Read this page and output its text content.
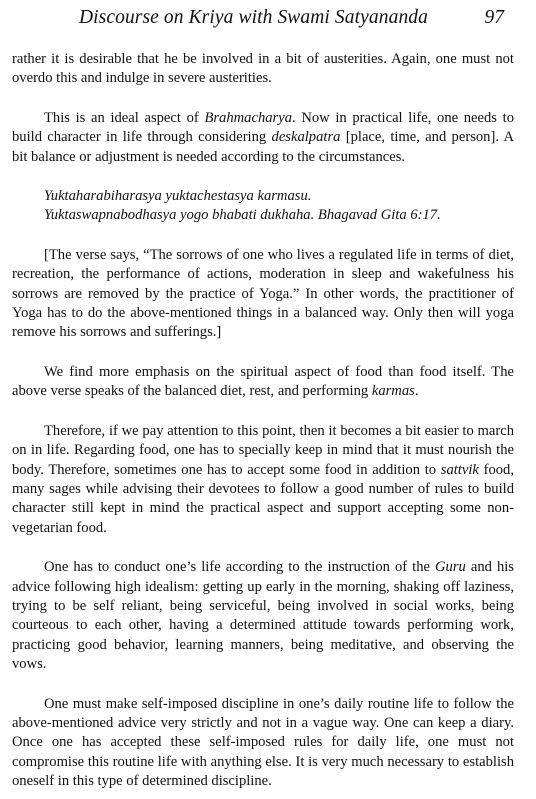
Discourse on Kriya with Swami Satyananda	97

rather it is desirable that he be involved in a bit of austerities. Again, one must not overdo this and indulge in severe austerities.

This is an ideal aspect of Brahmacharya. Now in practical life, one needs to build character in life through considering deskalpatra [place, time, and person]. A bit balance or adjustment is needed according to the circumstances.

Yuktaharabiharasya yuktachestasya karmasu.
Yuktaswapnabodhasya yogo bhabati dukhaha. Bhagavad Gita 6:17.

[The verse says, “The sorrows of one who lives a regulated life in terms of diet, recreation, the performance of actions, moderation in sleep and wakefulness his sorrows are removed by the practice of Yoga.” In other words, the practitioner of Yoga has to do the above-mentioned things in a balanced way. Only then will yoga remove his sorrows and sufferings.]

We find more emphasis on the spiritual aspect of food than food itself. The above verse speaks of the balanced diet, rest, and performing karmas.

Therefore, if we pay attention to this point, then it becomes a bit easier to march on in life. Regarding food, one has to specially keep in mind that it must nourish the body. Therefore, sometimes one has to accept some food in addition to sattvik food, many sages while advising their devotees to follow a good number of rules to build character still kept in mind the practical aspect and support accepting some non-vegetarian food.

One has to conduct one’s life according to the instruction of the Guru and his advice following high idealism: getting up early in the morning, shaking off laziness, trying to be self reliant, being serviceful, being involved in social works, being courteous to each other, having a determined attitude towards performing work, practicing good behavior, learning manners, being meditative, and observing the vows.

One must make self-imposed discipline in one’s daily routine life to follow the above-mentioned advice very strictly and not in a vague way. One can keep a diary. Once one has accepted these self-imposed rules for daily life, one must not compromise this routine life with anything else. It is very much necessary to establish oneself in this type of determined discipline.
